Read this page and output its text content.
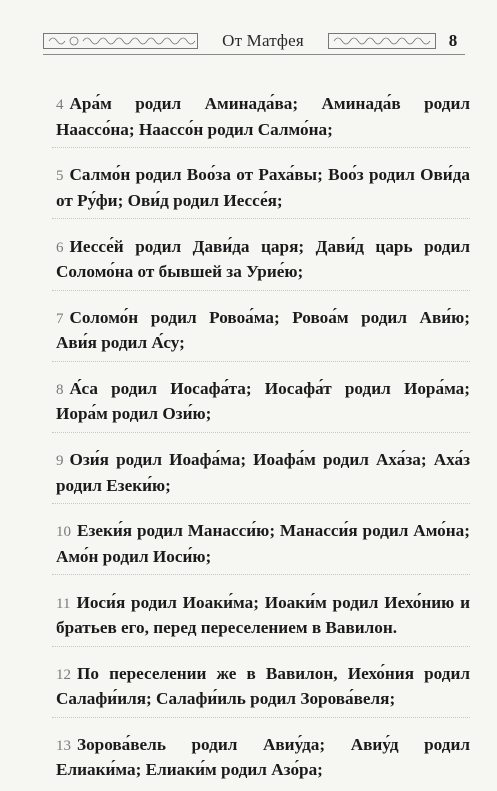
От Матфея	8

4 Ара́м родил Аминада́ва; Аминада́в родил Наассо́на; Наассо́н родил Салмо́на;

5 Салмо́н родил Воо́за от Раха́вы; Воо́з родил Ови́да от Ру́фи; Ови́д родил Иессе́я;

6 Иессе́й родил Дави́да царя; Дави́д царь родил Соломо́на от бывшей за Урие́ю;

7 Соломо́н родил Ровоа́ма; Ровоа́м родил Ави́ю; Ави́я родил А́су;

8 А́са родил Иосафа́та; Иосафа́т родил Иора́ма; Иора́м родил Ози́ю;

9 Ози́я родил Иоафа́ма; Иоафа́м родил Аха́за; Аха́з родил Езеки́ю;

10 Езеки́я родил Манасси́ю; Манасси́я родил Амо́на; Амо́н родил Иоси́ю;

11 Иоси́я родил Иоаки́ма; Иоаки́м родил Иехо́нию и братьев его, перед переселением в Вавилон.

12 По переселении же в Вавилон, Иехо́ния родил Салафи́иля; Салафи́иль родил Зорова́веля;

13 Зорова́вель родил Авиу́да; Авиу́д родил Елиаки́ма; Елиаки́м родил Азо́ра;
